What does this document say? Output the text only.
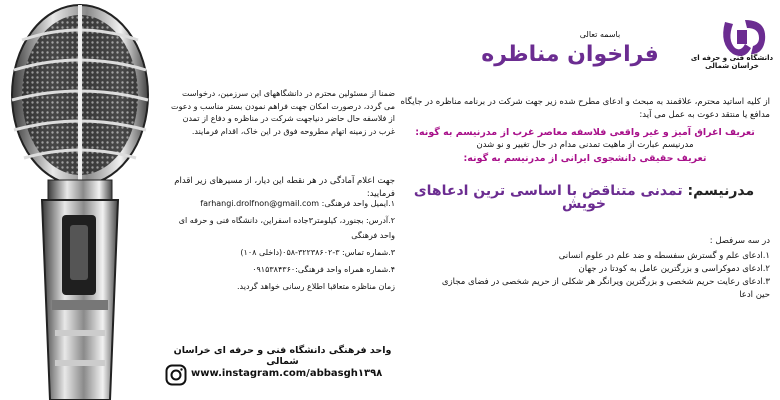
دانشگاه فنی و حرفه ای خراسان شمالی
باسمه تعالی
فراخوان مناظره
از کلیه اساتید محترم، علاقمند به مبحث و ادعای مطرح شده زیر جهت شرکت در برنامه مناظره در جایگاه مدافع یا منتقد دعوت به عمل می آید:
تعریف اغراق آمیز و غیر واقعی فلاسفه معاصر غرب از مدرنیسم به گونه:
مدرنیسم عبارت از ماهیت تمدنی مدام در حال تغییر و نو شدن
تعریف حقیقی دانشجوی ایرانی از مدرنیسم به گونه:
مدرنیسم: تمدنی متناقض با اساسی ترین ادعاهای خویش
در سه سرفصل :
۱.ادعای علم و گسترش سفسطه و ضد علم در علوم انسانی
۲.ادعای دموکراسی و بزرگترین عامل به کودتا در جهان
۳.ادعای رعایت حریم شخصی و بزرگترین ویرانگر هر شکلی از حریم شخصی در فضای مجازی حین ادعا
ضمنا از مسئولین محترم در دانشگاههای این سرزمین، درخواست می گردد، درصورت امکان جهت فراهم نمودن بستر مناسب و دعوت از فلاسفه حال حاضر دنیاجهت شرکت در مناظره و دفاع از تمدن غرب در زمینه اتهام مطروحه فوق در این خاک، اقدام فرمایند.
جهت اعلام آمادگی در هر نقطه این دیار، از مسیرهای زیر اقدام فرمایید:
۱.ایمیل واحد فرهنگی: farhangi.drolfnon@gmail.com
۲.آدرس: بجنورد، کیلومتر۳جاده اسفراین، دانشگاه فنی و حرفه ای واحد فرهنگی
۳.شماره تماس: ۳-۳۲۲۳۸۶۰۲-۰۵۸(داخلی ۱۰۸)
۴.شماره همراه واحد فرهنگی:۰۹۱۵۳۸۴۳۶۰
زمان مناظره متعاقبا اطلاع رسانی خواهد گردید.
واحد فرهنگی دانشگاه فنی و حرفه ای خراسان شمالی
www.instagram.com/abbasgh۱۳۹۸
